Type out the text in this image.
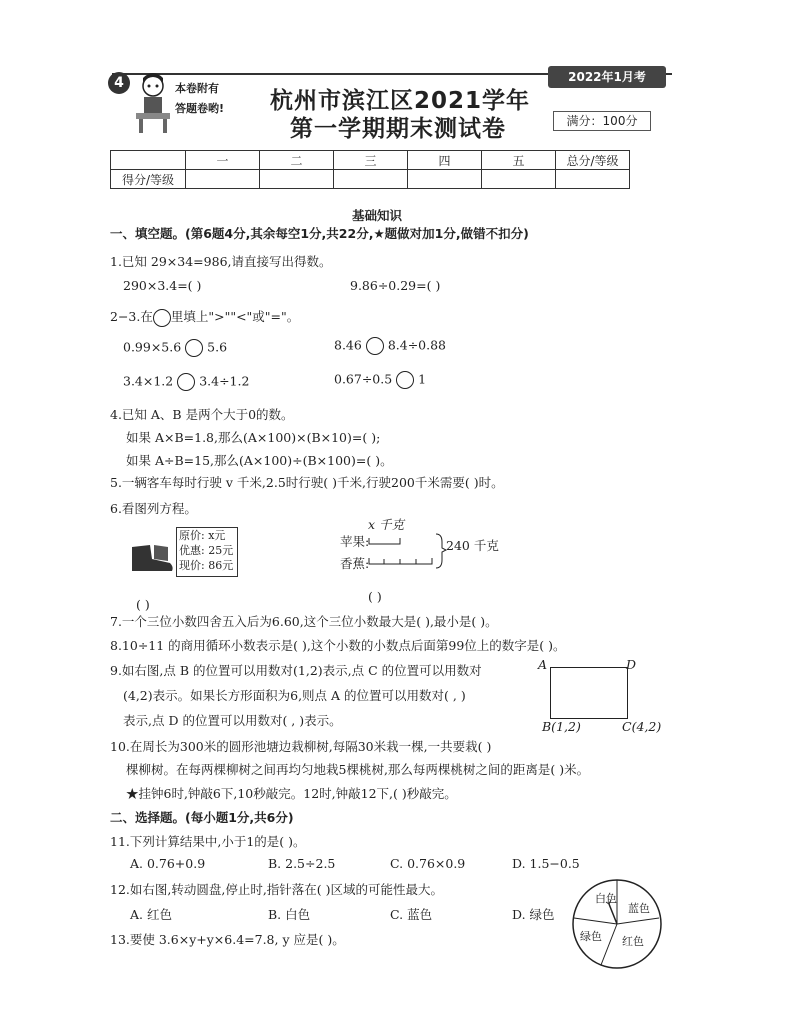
4	本卷附有
答题卷哟! 杭州市滨江区2021学年
第一学期期末测试卷
2022年1月考
满分：100分
	一	二	三	四	五	总分/等级
得分/等级						
基础知识
一、填空题。(第6题4分,其余每空1分,共22分,★题做对加1分,做错不扣分)
1.已知 29×34=986,请直接写出得数。
290×3.4=( )	9.86÷0.29=( )
2−3.在 里填上">""<"或"="。
0.99×5.6 5.6	8.46 8.4÷0.88
3.4×1.2 3.4÷1.2	0.67÷0.5 1
4.已知 A、B 是两个大于0的数。
如果 A×B=1.8,那么(A×100)×(B×10)=( );
如果 A÷B=15,那么(A×100)÷(B×100)=( )。
5.一辆客车每时行驶 v 千米,2.5时行驶( )千米,行驶200千米需要( )时。
6.看图列方程。
原价: x元
优惠: 25元
现价: 86元
x 千克
苹果:
香蕉:
240 千克
( )
( )
7.一个三位小数四舍五入后为6.60,这个三位小数最大是( ),最小是( )。
8.10÷11 的商用循环小数表示是( ),这个小数的小数点后面第99位上的数字是( )。
9.如右图,点 B 的位置可以用数对(1,2)表示,点 C 的位置可以用数对
(4,2)表示。如果长方形面积为6,则点 A 的位置可以用数对( , )
表示,点 D 的位置可以用数对( , )表示。
A	D
B(1,2)	C(4,2)
10.在周长为300米的圆形池塘边栽柳树,每隔30米栽一棵,一共要栽( )
棵柳树。在每两棵柳树之间再均匀地栽5棵桃树,那么每两棵桃树之间的距离是( )米。
★挂钟6时,钟敲6下,10秒敲完。12时,钟敲12下,( )秒敲完。
二、选择题。(每小题1分,共6分)
11.下列计算结果中,小于1的是( )。
A. 0.76+0.9	B. 2.5÷2.5	C. 0.76×0.9	D. 1.5−0.5
12.如右图,转动圆盘,停止时,指针落在( )区域的可能性最大。
A. 红色	B. 白色	C. 蓝色	D. 绿色
13.要使 3.6×y+y×6.4=7.8, y 应是( )。
白色
蓝色
红色
绿色
